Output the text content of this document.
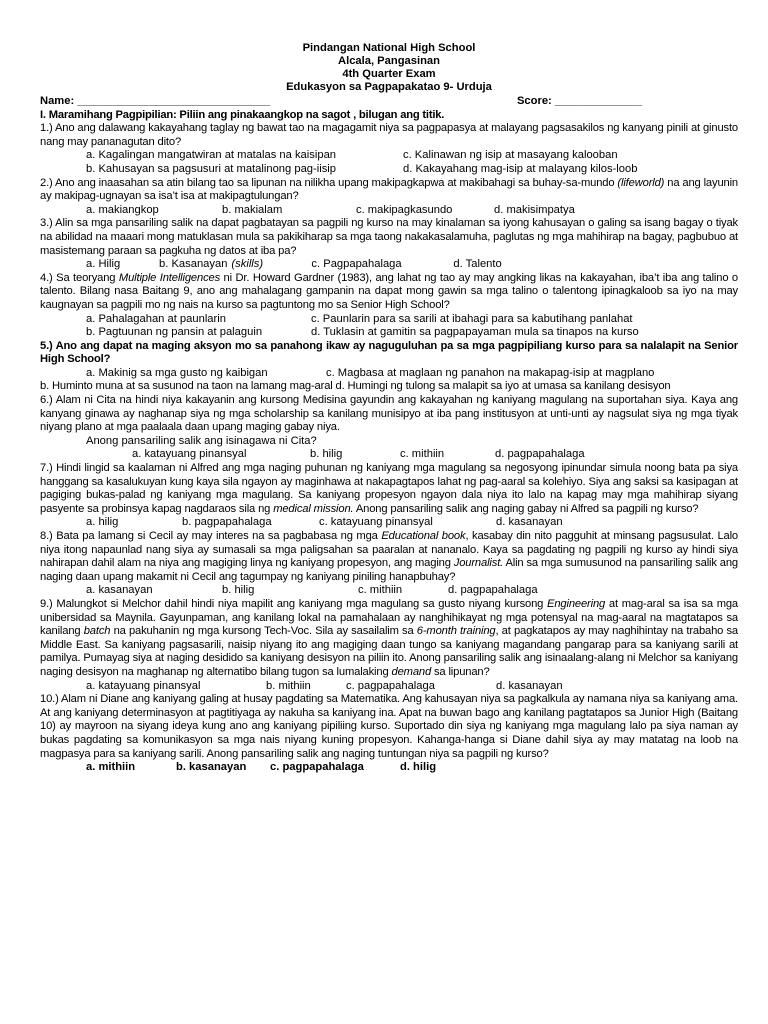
Pindangan National High School
Alcala, Pangasinan
4th Quarter Exam
Edukasyon sa Pagpapakatao 9- Urduja
Name: _______________________________	Score: ______________
I. Maramihang Pagpipilian: Piliin ang pinakaangkop na sagot , bilugan ang titik.
1.) Ano ang dalawang kakayahang taglay ng bawat tao na magagamit niya sa pagpapasya at malayang pagsasakilos ng kanyang pinili at ginusto nang may pananagutan dito?
a. Kagalingan mangatwiran at matalas na kaisipan	c. Kalinawan ng isip at masayang kalooban
b. Kahusayan sa pagsusuri at matalinong pag-iisip	d. Kakayahang mag-isip at malayang kilos-loob
2.) Ano ang inaasahan sa atin bilang tao sa lipunan na nilikha upang makipagkapwa at makibahagi sa buhay-sa-mundo (lifeworld) na ang layunin ay makipag-ugnayan sa isa’t isa at makipagtulungan?
a. makiangkop	b. makialam	c. makipagkasundo	d. makisimpatya
3.) Alin sa mga pansariling salik na dapat pagbatayan sa pagpili ng kurso na may kinalaman sa iyong kahusayan o galing sa isang bagay o tiyak na abilidad na maaari mong matuklasan mula sa pakikiharap sa mga taong nakakasalamuha, paglutas ng mga mahihirap na bagay, pagbubuo at masistemang paraan sa pagkuha ng datos at iba pa?
a. Hilig	b. Kasanayan (skills)	c. Pagpapahalaga	d. Talento
4.) Sa teoryang Multiple Intelligences ni Dr. Howard Gardner (1983), ang lahat ng tao ay may angking likas na kakayahan, iba’t iba ang talino o talento. Bilang nasa Baitang 9, ano ang mahalagang gampanin na dapat mong gawin sa mga talino o talentong ipinagkaloob sa iyo na may kaugnayan sa pagpili mo ng nais na kurso sa pagtuntong mo sa Senior High School?
a. Pahalagahan at paunlarin	c. Paunlarin para sa sarili at ibahagi para sa kabutihang panlahat
b. Pagtuunan ng pansin at palaguin	d. Tuklasin at gamitin sa pagpapayaman mula sa tinapos na kurso
5.) Ano ang dapat na maging aksyon mo sa panahong ikaw ay naguguluhan pa sa mga pagpipiliang kurso para sa nalalapit na Senior High School?
a. Makinig sa mga gusto ng kaibigan	c. Magbasa at maglaan ng panahon na makapag-isip at magplano
b. Huminto muna at sa susunod na taon na lamang mag-aral d. Humingi ng tulong sa malapit sa iyo at umasa sa kanilang desisyon
6.) Alam ni Cita na hindi niya kakayanin ang kursong Medisina gayundin ang kakayahan ng kaniyang magulang na suportahan siya. Kaya ang kanyang ginawa ay naghanap siya ng mga scholarship sa kanilang munisipyo at iba pang institusyon at unti-unti ay nagsulat siya ng mga tiyak niyang plano at mga paalaala daan upang maging gabay niya.
Anong pansariling salik ang isinagawa ni Cita?
a. katayuang pinansyal	b. hilig	c. mithiin	d. pagpapahalaga
7.) Hindi lingid sa kaalaman ni Alfred ang mga naging puhunan ng kaniyang mga magulang sa negosyong ipinundar simula noong bata pa siya hanggang sa kasalukuyan kung kaya sila ngayon ay maginhawa at nakapagtapos lahat ng pag-aaral sa kolehiyo. Siya ang saksi sa kasipagan at pagiging bukas-palad ng kaniyang mga magulang. Sa kaniyang propesyon ngayon dala niya ito lalo na kapag may mga mahihirap siyang pasyente sa probinsya kapag nagdaraos sila ng medical mission. Anong pansariling salik ang naging gabay ni Alfred sa pagpili ng kurso?
a. hilig	b. pagpapahalaga	c. katayuang pinansyal	d. kasanayan
8.) Bata pa lamang si Cecil ay may interes na sa pagbabasa ng mga Educational book, kasabay din nito pagguhit at minsang pagsusulat. Lalo niya itong napaunlad nang siya ay sumasali sa mga paligsahan sa paaralan at nananalo. Kaya sa pagdating ng pagpili ng kurso ay hindi siya nahirapan dahil alam na niya ang magiging linya ng kaniyang propesyon, ang maging Journalist. Alin sa mga sumusunod na pansariling salik ang naging daan upang makamit ni Cecil ang tagumpay ng kaniyang piniling hanapbuhay?
a. kasanayan	b. hilig	c. mithiin	d. pagpapahalaga
9.) Malungkot si Melchor dahil hindi niya mapilit ang kaniyang mga magulang sa gusto niyang kursong Engineering at mag-aral sa isa sa mga unibersidad sa Maynila. Gayunpaman, ang kanilang lokal na pamahalaan ay nanghihikayat ng mga potensyal na mag-aaral na magtatapos sa kanilang batch na pakuhanin ng mga kursong Tech-Voc. Sila ay sasailalim sa 6-month training, at pagkatapos ay may naghihintay na trabaho sa Middle East. Sa kaniyang pagsasarili, naisip niyang ito ang magiging daan tungo sa kaniyang magandang pangarap para sa kaniyang sarili at pamilya. Pumayag siya at naging desidido sa kaniyang desisyon na piliin ito. Anong pansariling salik ang isinaalang-alang ni Melchor sa kaniyang naging desisyon na maghanap ng alternatibo bilang tugon sa lumalaking demand sa lipunan?
a. katayuang pinansyal	b. mithiin	c. pagpapahalaga	d. kasanayan
10.) Alam ni Diane ang kaniyang galing at husay pagdating sa Matematika. Ang kahusayan niya sa pagkalkula ay namana niya sa kaniyang ama. At ang kaniyang determinasyon at pagtitiyaga ay nakuha sa kaniyang ina. Apat na buwan bago ang kanilang pagtatapos sa Junior High (Baitang 10) ay mayroon na siyang ideya kung ano ang kaniyang pipiliing kurso. Suportado din siya ng kaniyang mga magulang lalo pa siya naman ay bukas pagdating sa komunikasyon sa mga nais niyang kuning propesyon. Kahanga-hanga si Diane dahil siya ay may matatag na loob na magpasya para sa kaniyang sarili. Anong pansariling salik ang naging tuntungan niya sa pagpili ng kurso?
a. mithiin	b. kasanayan	c. pagpapahalaga	d. hilig
